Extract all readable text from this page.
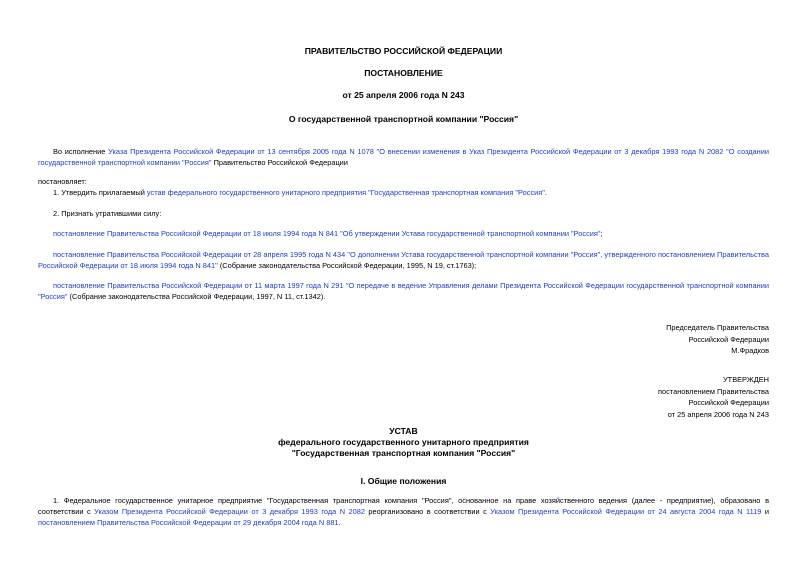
ПРАВИТЕЛЬСТВО РОССИЙСКОЙ ФЕДЕРАЦИИ
ПОСТАНОВЛЕНИЕ
от 25 апреля 2006 года N 243
О государственной транспортной компании "Россия"
Во исполнение Указа Президента Российской Федерации от 13 сентября 2005 года N 1078 "О внесении изменения в Указ Президента Российской Федерации от 3 декабря 1993 года N 2082 "О создании государственной транспортной компании "Россия" Правительство Российской Федерации
постановляет:
1. Утвердить прилагаемый устав федерального государственного унитарного предприятия "Государственная транспортная компания "Россия".
2. Признать утратившими силу:
постановление Правительства Российской Федерации от 18 июля 1994 года N 841 "Об утверждении Устава государственной транспортной компании "Россия";
постановление Правительства Российской Федерации от 28 апреля 1995 года N 434 "О дополнении Устава государственной транспортной компании "Россия", утвержденного постановлением Правительства Российской Федерации от 18 июля 1994 года N 841" (Собрание законодательства Российской Федерации, 1995, N 19, ст.1763);
постановление Правительства Российской Федерации от 11 марта 1997 года N 291 "О передаче в ведение Управления делами Президента Российской Федерации государственной транспортной компании "Россия" (Собрание законодательства Российской Федерации, 1997, N 11, ст.1342).
Председатель Правительства
Российской Федерации
М.Фрадков
УТВЕРЖДЕН
постановлением Правительства
Российской Федерации
от 25 апреля 2006 года N 243
УСТАВ
федерального государственного унитарного предприятия
"Государственная транспортная компания "Россия"
I. Общие положения
1. Федеральное государственное унитарное предприятие "Государственная транспортная компания "Россия", основанное на праве хозяйственного ведения (далее - предприятие), образовано в соответствии с Указом Президента Российской Федерации от 3 декабря 1993 года N 2082 реорганизовано в соответствии с Указом Президента Российской Федерации от 24 августа 2004 года N 1119 и постановлением Правительства Российской Федерации от 29 декабря 2004 года N 881.
